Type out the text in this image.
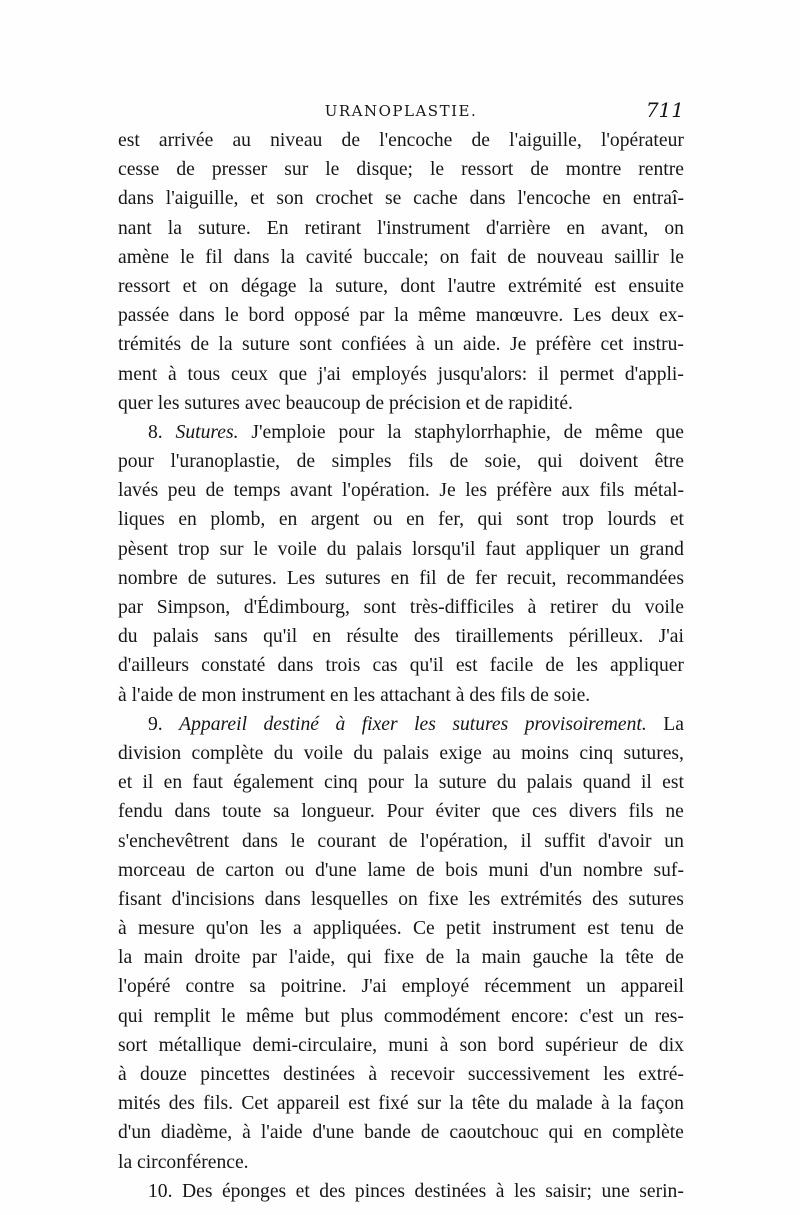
URANOPLASTIE.	711
est arrivée au niveau de l'encoche de l'aiguille, l'opérateur
cesse de presser sur le disque; le ressort de montre rentre
dans l'aiguille, et son crochet se cache dans l'encoche en entraî-
nant la suture. En retirant l'instrument d'arrière en avant, on
amène le fil dans la cavité buccale; on fait de nouveau saillir le
ressort et on dégage la suture, dont l'autre extrémité est ensuite
passée dans le bord opposé par la même manœuvre. Les deux ex-
trémités de la suture sont confiées à un aide. Je préfère cet instru-
ment à tous ceux que j'ai employés jusqu'alors: il permet d'appli-
quer
les
sutures
avec
beaucoup
de
précision
et
de
rapidité.
8. Sutures. J'emploie pour la staphylorrhaphie, de même que
pour l'uranoplastie, de simples fils de soie, qui doivent être
lavés peu de temps avant l'opération. Je les préfère aux fils métal-
liques en plomb, en argent ou en fer, qui sont trop lourds et
pèsent trop sur le voile du palais lorsqu'il faut appliquer un grand
nombre de sutures. Les sutures en fil de fer recuit, recommandées
par Simpson, d'Édimbourg, sont très-difficiles à retirer du voile
du palais sans qu'il en résulte des tiraillements périlleux. J'ai
d'ailleurs constaté dans trois cas qu'il est facile de les appliquer
à
l'aide
de
mon
instrument
en
les
attachant
à
des
fils
de
soie.
9. Appareil destiné à fixer les sutures provisoirement. La
division complète du voile du palais exige au moins cinq sutures,
et il en faut également cinq pour la suture du palais quand il est
fendu dans toute sa longueur. Pour éviter que ces divers fils ne
s'enchevêtrent dans le courant de l'opération, il suffit d'avoir un
morceau de carton ou d'une lame de bois muni d'un nombre suf-
fisant d'incisions dans lesquelles on fixe les extrémités des sutures
à mesure qu'on les a appliquées. Ce petit instrument est tenu de
la main droite par l'aide, qui fixe de la main gauche la tête de
l'opéré contre sa poitrine. J'ai employé récemment un appareil
qui remplit le même but plus commodément encore: c'est un res-
sort métallique demi-circulaire, muni à son bord supérieur de dix
à douze pincettes destinées à recevoir successivement les extré-
mités des fils. Cet appareil est fixé sur la tête du malade à la façon
d'un diadème, à l'aide d'une bande de caoutchouc qui en complète
la
circonférence.
10. Des éponges et des pinces destinées à les saisir; une serin-
